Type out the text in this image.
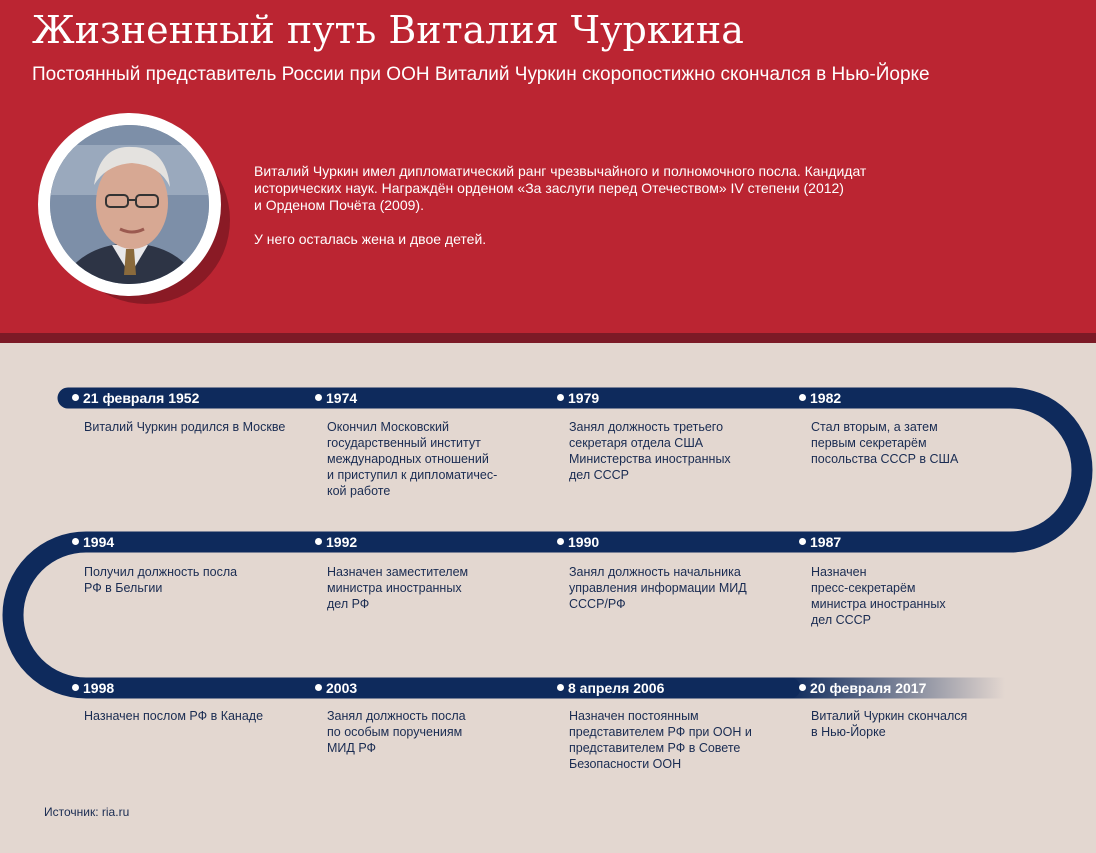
Жизненный путь Виталия Чуркина
Постоянный представитель России при ООН Виталий Чуркин скоропостижно скончался в Нью-Йорке

Виталий Чуркин имел дипломатический ранг чрезвычайного и полномочного посла. Кандидат
исторических наук. Награждён орденом «За заслуги перед Отечеством» IV степени (2012)
и Орденом Почёта (2009).

У него осталась жена и двое детей.

21 февраля 1952
Виталий Чуркин родился в Москве
1974
Окончил Московский
государственный институт
международных отношений
и приступил к дипломатичес-
кой работе
1979
Занял должность третьего
секретаря отдела США
Министерства иностранных
дел СССР
1982
Стал вторым, а затем
первым секретарём
посольства СССР в США
1994
Получил должность посла
РФ в Бельгии
1992
Назначен заместителем
министра иностранных
дел РФ
1990
Занял должность начальника
управления информации МИД
СССР/РФ
1987
Назначен
пресс-секретарём
министра иностранных
дел СССР
1998
Назначен послом РФ в Канаде
2003
Занял должность посла
по особым поручениям
МИД РФ
8 апреля 2006
Назначен постоянным
представителем РФ при ООН и
представителем РФ в Совете
Безопасности ООН
20 февраля 2017
Виталий Чуркин скончался
в Нью-Йорке
Источник: ria.ru
